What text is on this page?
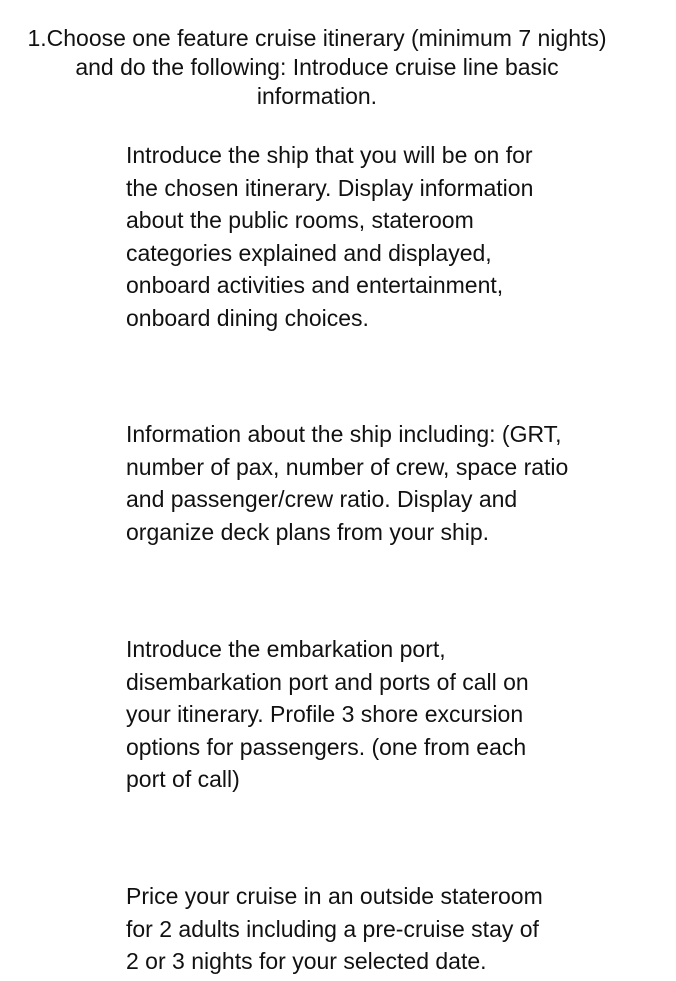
1.Choose one feature cruise itinerary (minimum 7 nights)
and do the following: Introduce cruise line basic
information.
Introduce the ship that you will be on for
the chosen itinerary. Display information
about the public rooms, stateroom
categories explained and displayed,
onboard activities and entertainment,
onboard dining choices.
Information about the ship including: (GRT,
number of pax, number of crew, space ratio
and passenger/crew ratio. Display and
organize deck plans from your ship.
Introduce the embarkation port,
disembarkation port and ports of call on
your itinerary. Profile 3 shore excursion
options for passengers. (one from each
port of call)
Price your cruise in an outside stateroom
for 2 adults including a pre-cruise stay of
2 or 3 nights for your selected date.
